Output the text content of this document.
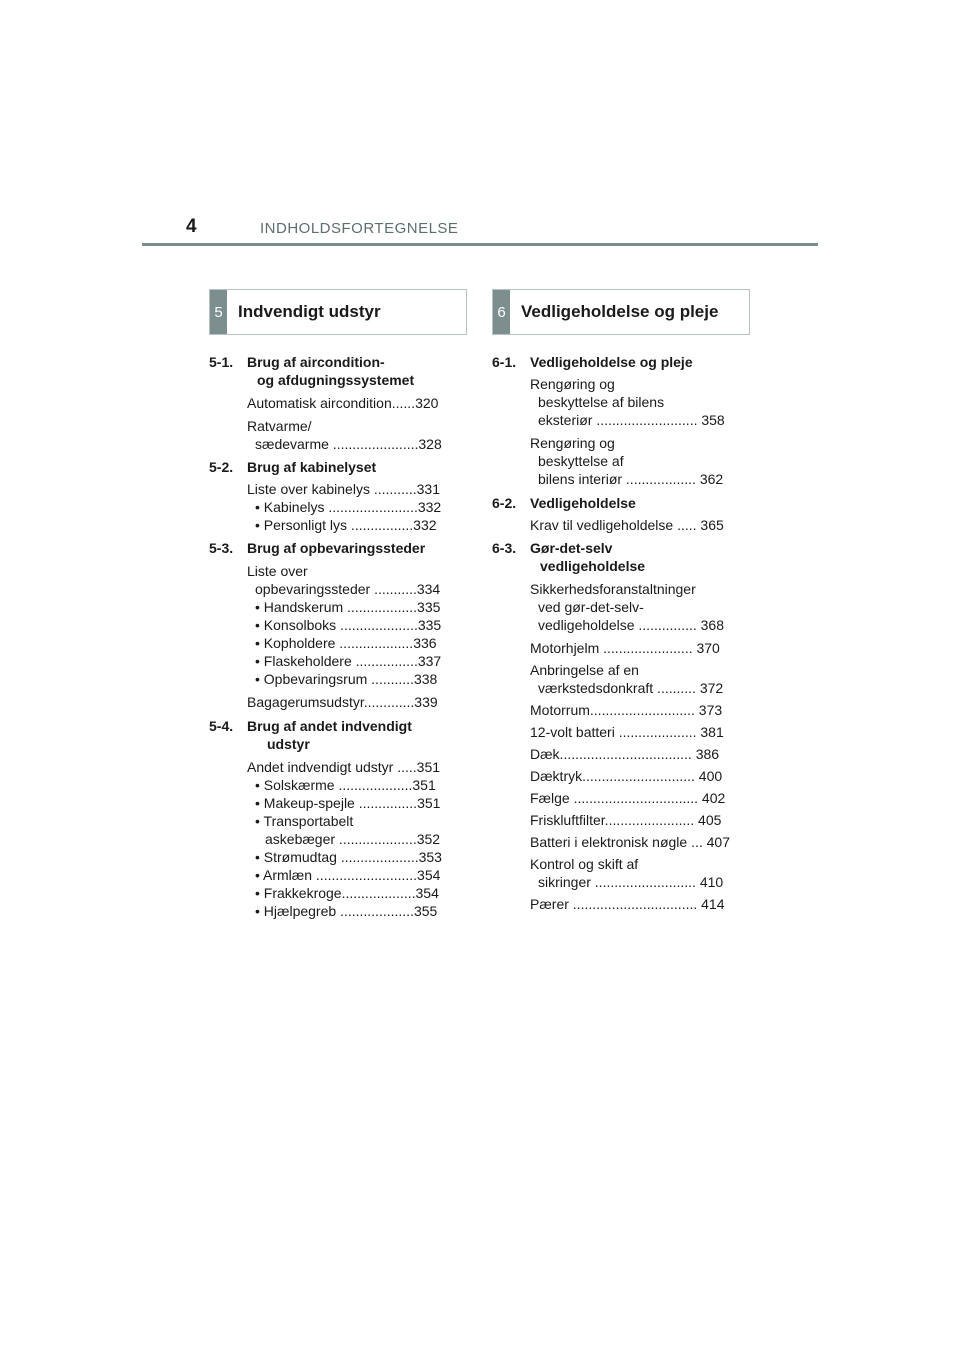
4	INDHOLDSFORTEGNELSE
5 Indvendigt udstyr	6 Vedligeholdelse og pleje
5-1. Brug af aircondition-
og afdugningssystemet
Automatisk aircondition......320
Ratvarme/
sædevarme ......................328
5-2. Brug af kabinelyset
Liste over kabinelys ...........331
• Kabinelys .......................332
• Personligt lys ................332
5-3. Brug af opbevaringssteder
Liste over
opbevaringssteder ...........334
• Handskerum ..................335
• Konsolboks ....................335
• Kopholdere ...................336
• Flaskeholdere ................337
• Opbevaringsrum ...........338
Bagagerumsudstyr.............339
5-4. Brug af andet indvendigt
udstyr
Andet indvendigt udstyr .....351
• Solskærme ...................351
• Makeup-spejle ...............351
• Transportabelt
askebæger ....................352
• Strømudtag ....................353
• Armlæn ..........................354
• Frakkekroge...................354
• Hjælpegreb ...................355
6-1. Vedligeholdelse og pleje
Rengøring og
beskyttelse af bilens
eksteriør .......................... 358
Rengøring og
beskyttelse af
bilens interiør .................. 362
6-2. Vedligeholdelse
Krav til vedligeholdelse ..... 365
6-3. Gør-det-selv
vedligeholdelse
Sikkerhedsforanstaltninger
ved gør-det-selv-
vedligeholdelse ............... 368
Motorhjelm ....................... 370
Anbringelse af en
værkstedsdonkraft .......... 372
Motorrum........................... 373
12-volt batteri .................... 381
Dæk.................................. 386
Dæktryk............................. 400
Fælge ................................ 402
Friskluftfilter....................... 405
Batteri i elektronisk nøgle ... 407
Kontrol og skift af
sikringer .......................... 410
Pærer ................................ 414
